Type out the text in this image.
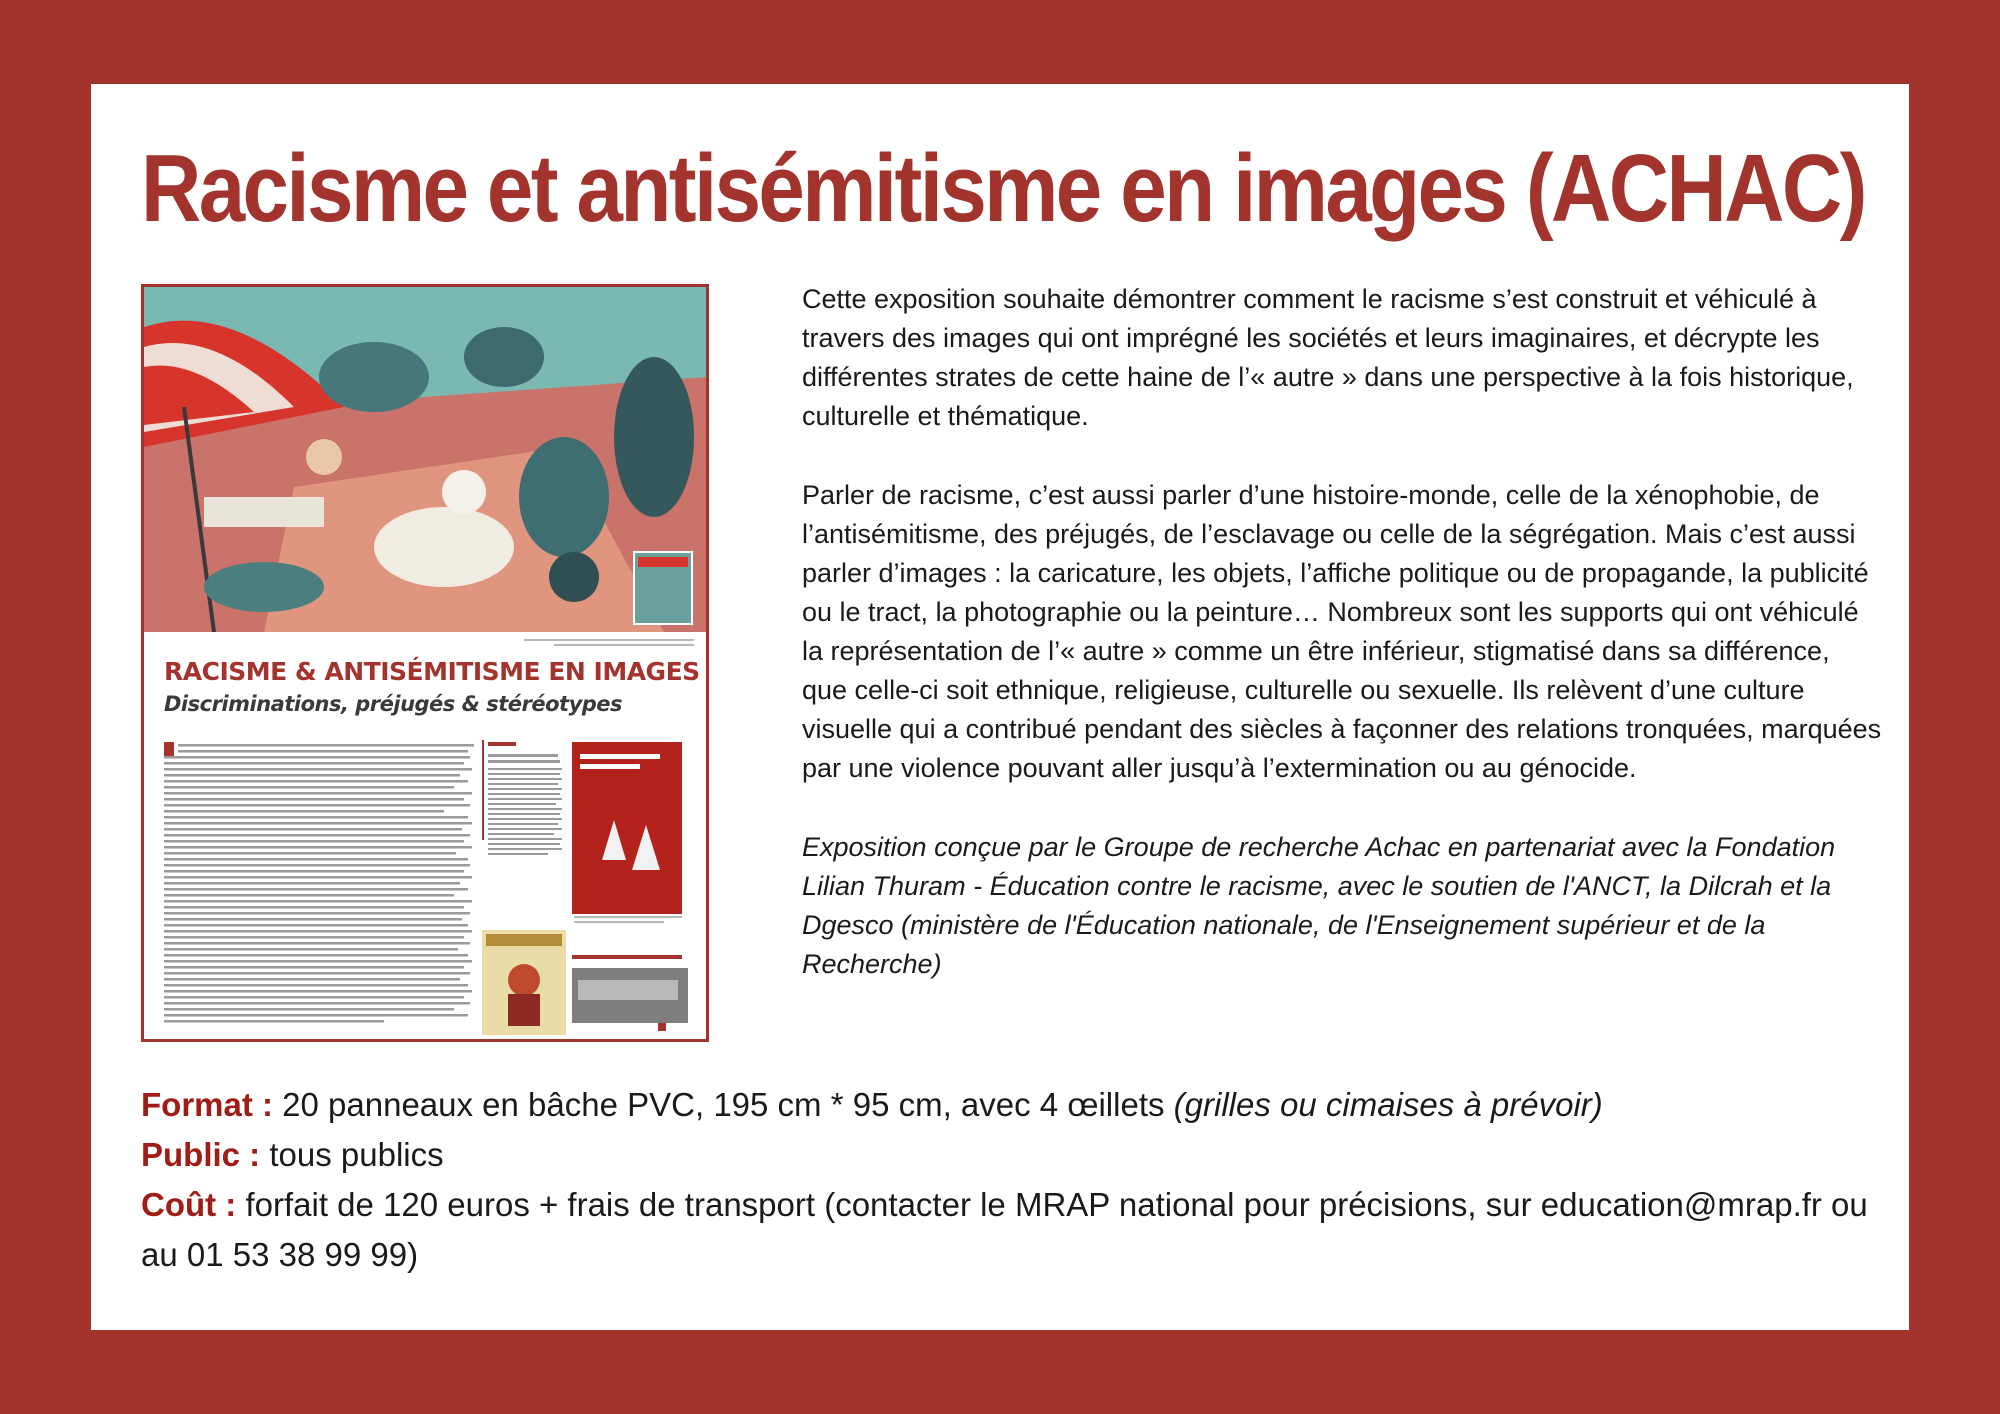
Racisme et antisémitisme en images (ACHAC)
RACISME & ANTISÉMITISME EN IMAGES
Discriminations, préjugés & stéréotypes

Cette exposition souhaite démontrer comment le racisme s’est construit et véhiculé à travers des images qui ont imprégné les sociétés et leurs imaginaires, et décrypte les différentes strates de cette haine de l’« autre » dans une perspective à la fois historique, culturelle et thématique.

Parler de racisme, c’est aussi parler d’une histoire-monde, celle de la xénophobie, de l’antisémitisme, des préjugés, de l’esclavage ou celle de la ségrégation. Mais c’est aussi parler d’images : la caricature, les objets, l’affiche politique ou de propagande, la publicité ou le tract, la photographie ou la peinture… Nombreux sont les supports qui ont véhiculé la représentation de l’« autre » comme un être inférieur, stigmatisé dans sa différence, que celle-ci soit ethnique, religieuse, culturelle ou sexuelle. Ils relèvent d’une culture visuelle qui a contribué pendant des siècles à façonner des relations tronquées, marquées par une violence pouvant aller jusqu’à l’extermination ou au génocide.

Exposition conçue par le Groupe de recherche Achac en partenariat avec la Fondation Lilian Thuram - Éducation contre le racisme, avec le soutien de l'ANCT, la Dilcrah et la Dgesco (ministère de l'Éducation nationale, de l'Enseignement supérieur et de la Recherche)

Format : 20 panneaux en bâche PVC, 195 cm * 95 cm, avec 4 œillets (grilles ou cimaises à prévoir)

Public : tous publics

Coût : forfait de 120 euros + frais de transport (contacter le MRAP national pour précisions, sur education@mrap.fr ou au 01 53 38 99 99)
